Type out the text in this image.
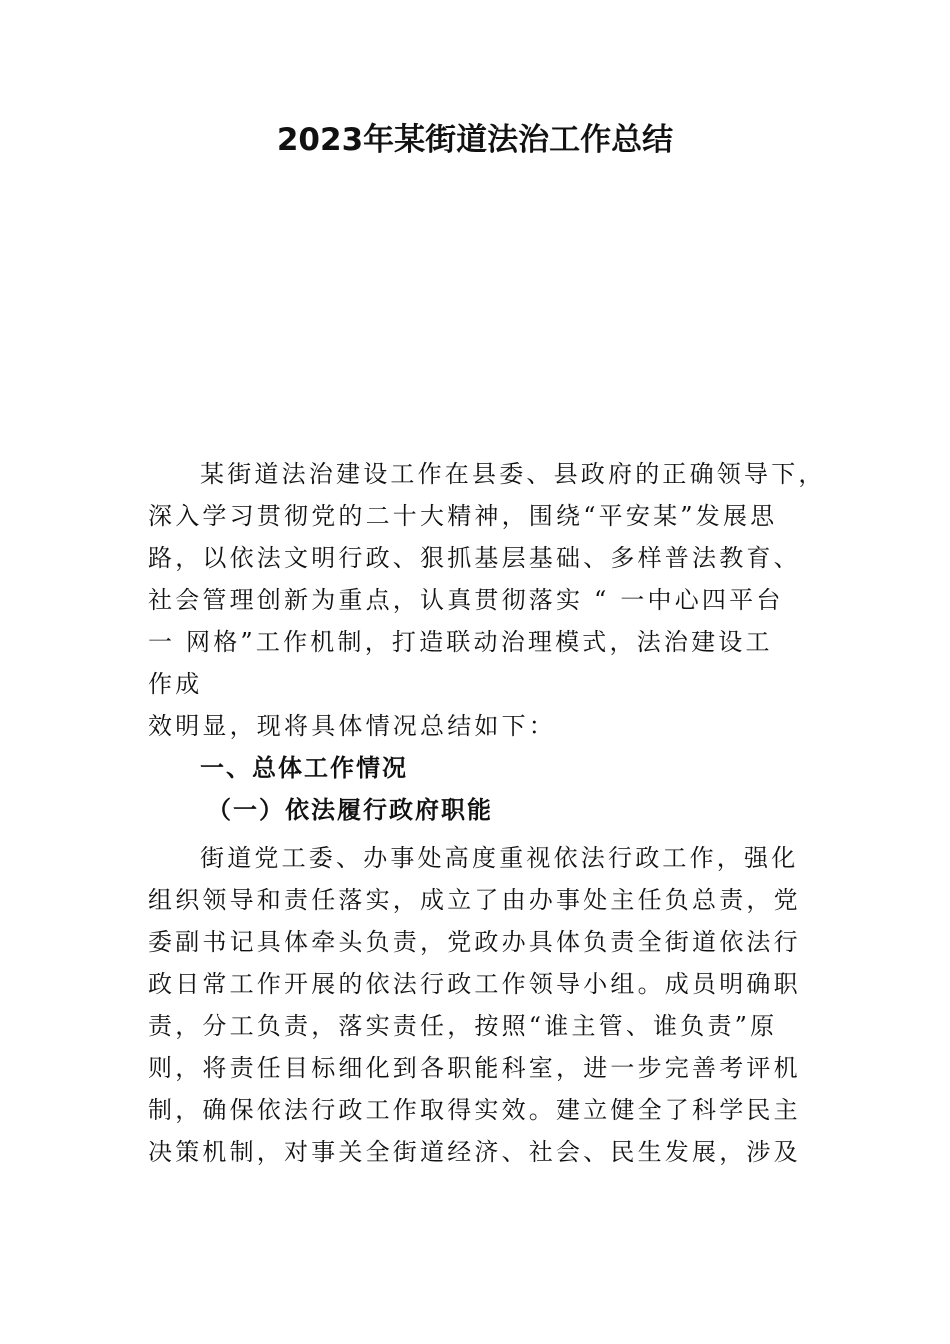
2023年某街道法治工作总结
某街道法治建设工作在县委、县政府的正确领导下，
深入学习贯彻党的二十大精神，围绕“平安某”发展思
路，以依法文明行政、狠抓基层基础、多样普法教育、
社会管理创新为重点，认真贯彻落实 “ 一中心四平台
一 网格”工作机制，打造联动治理模式，法治建设工
作成
效明显，现将具体情况总结如下：
一、总体工作情况
（一）依法履行政府职能
街道党工委、办事处高度重视依法行政工作，强化
组织领导和责任落实，成立了由办事处主任负总责，党
委副书记具体牵头负责，党政办具体负责全街道依法行
政日常工作开展的依法行政工作领导小组。成员明确职
责，分工负责，落实责任，按照“谁主管、谁负责”原
则，将责任目标细化到各职能科室，进一步完善考评机
制，确保依法行政工作取得实效。建立健全了科学民主
决策机制，对事关全街道经济、社会、民生发展，涉及
